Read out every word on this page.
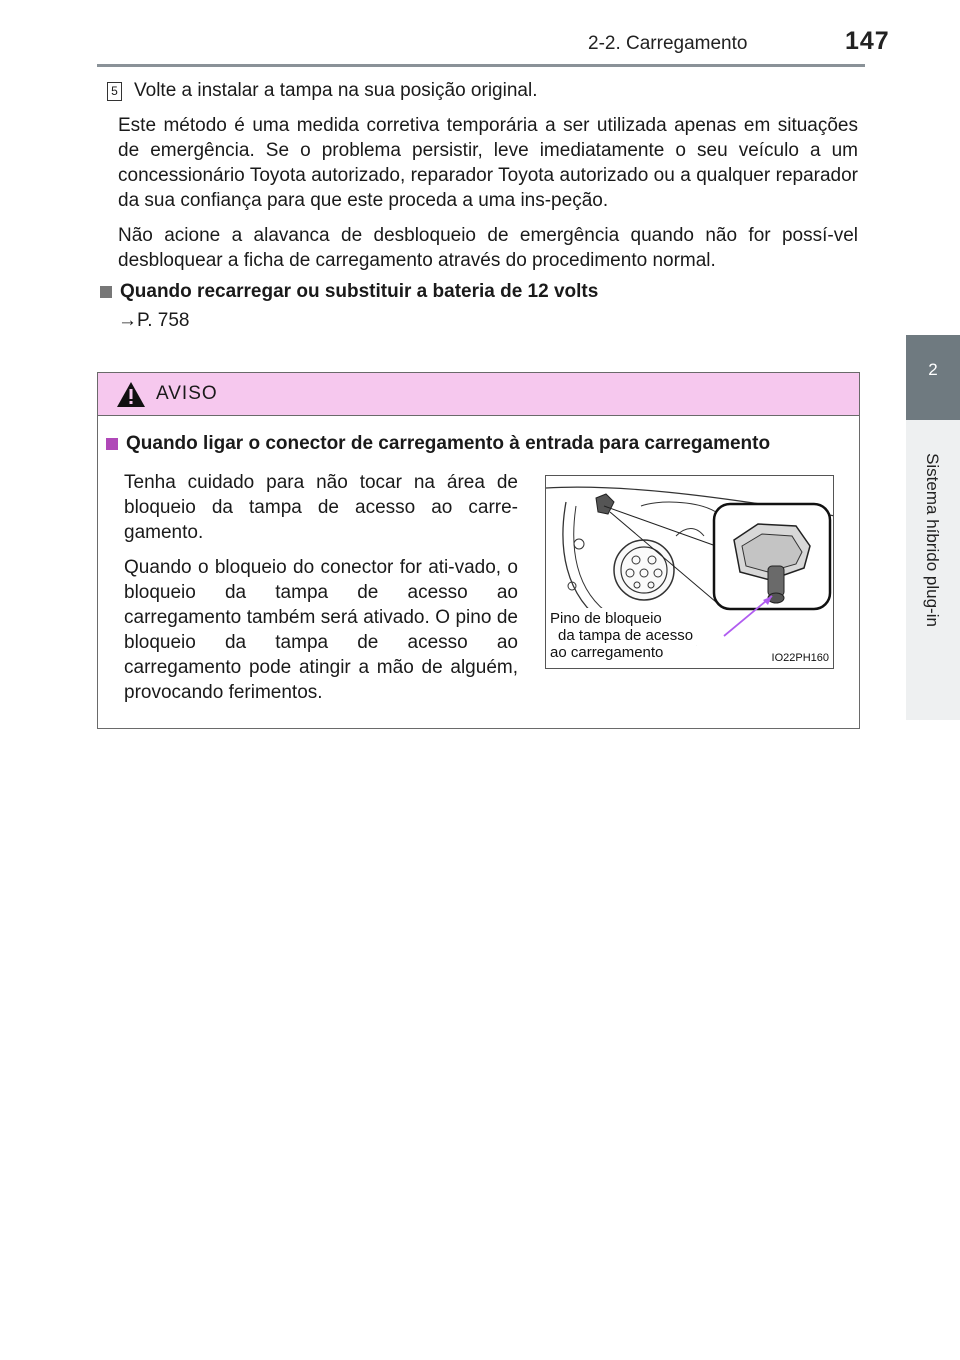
2-2. Carregamento	147
2
Sistema híbrido plug-in
5 Volte a instalar a tampa na sua posição original.

Este método é uma medida corretiva temporária a ser utilizada apenas em situações de emergência. Se o problema persistir, leve imediatamente o seu veículo a um concessionário Toyota autorizado, reparador Toyota autorizado ou a qualquer reparador da sua confiança para que este proceda a uma ins-peção.

Não acione a alavanca de desbloqueio de emergência quando não for possí-vel desbloquear a ficha de carregamento através do procedimento normal.

Quando recarregar ou substituir a bateria de 12 volts
→P. 758
AVISO
Quando ligar o conector de carregamento à entrada para carregamento

Tenha cuidado para não tocar na área de bloqueio da tampa de acesso ao carre-gamento.

Quando o bloqueio do conector for ati-vado, o bloqueio da tampa de acesso ao carregamento também será ativado. O pino de bloqueio da tampa de acesso ao carregamento pode atingir a mão de alguém, provocando ferimentos.

Pino de bloqueio
da tampa de acesso
ao carregamento	IO22PH160
